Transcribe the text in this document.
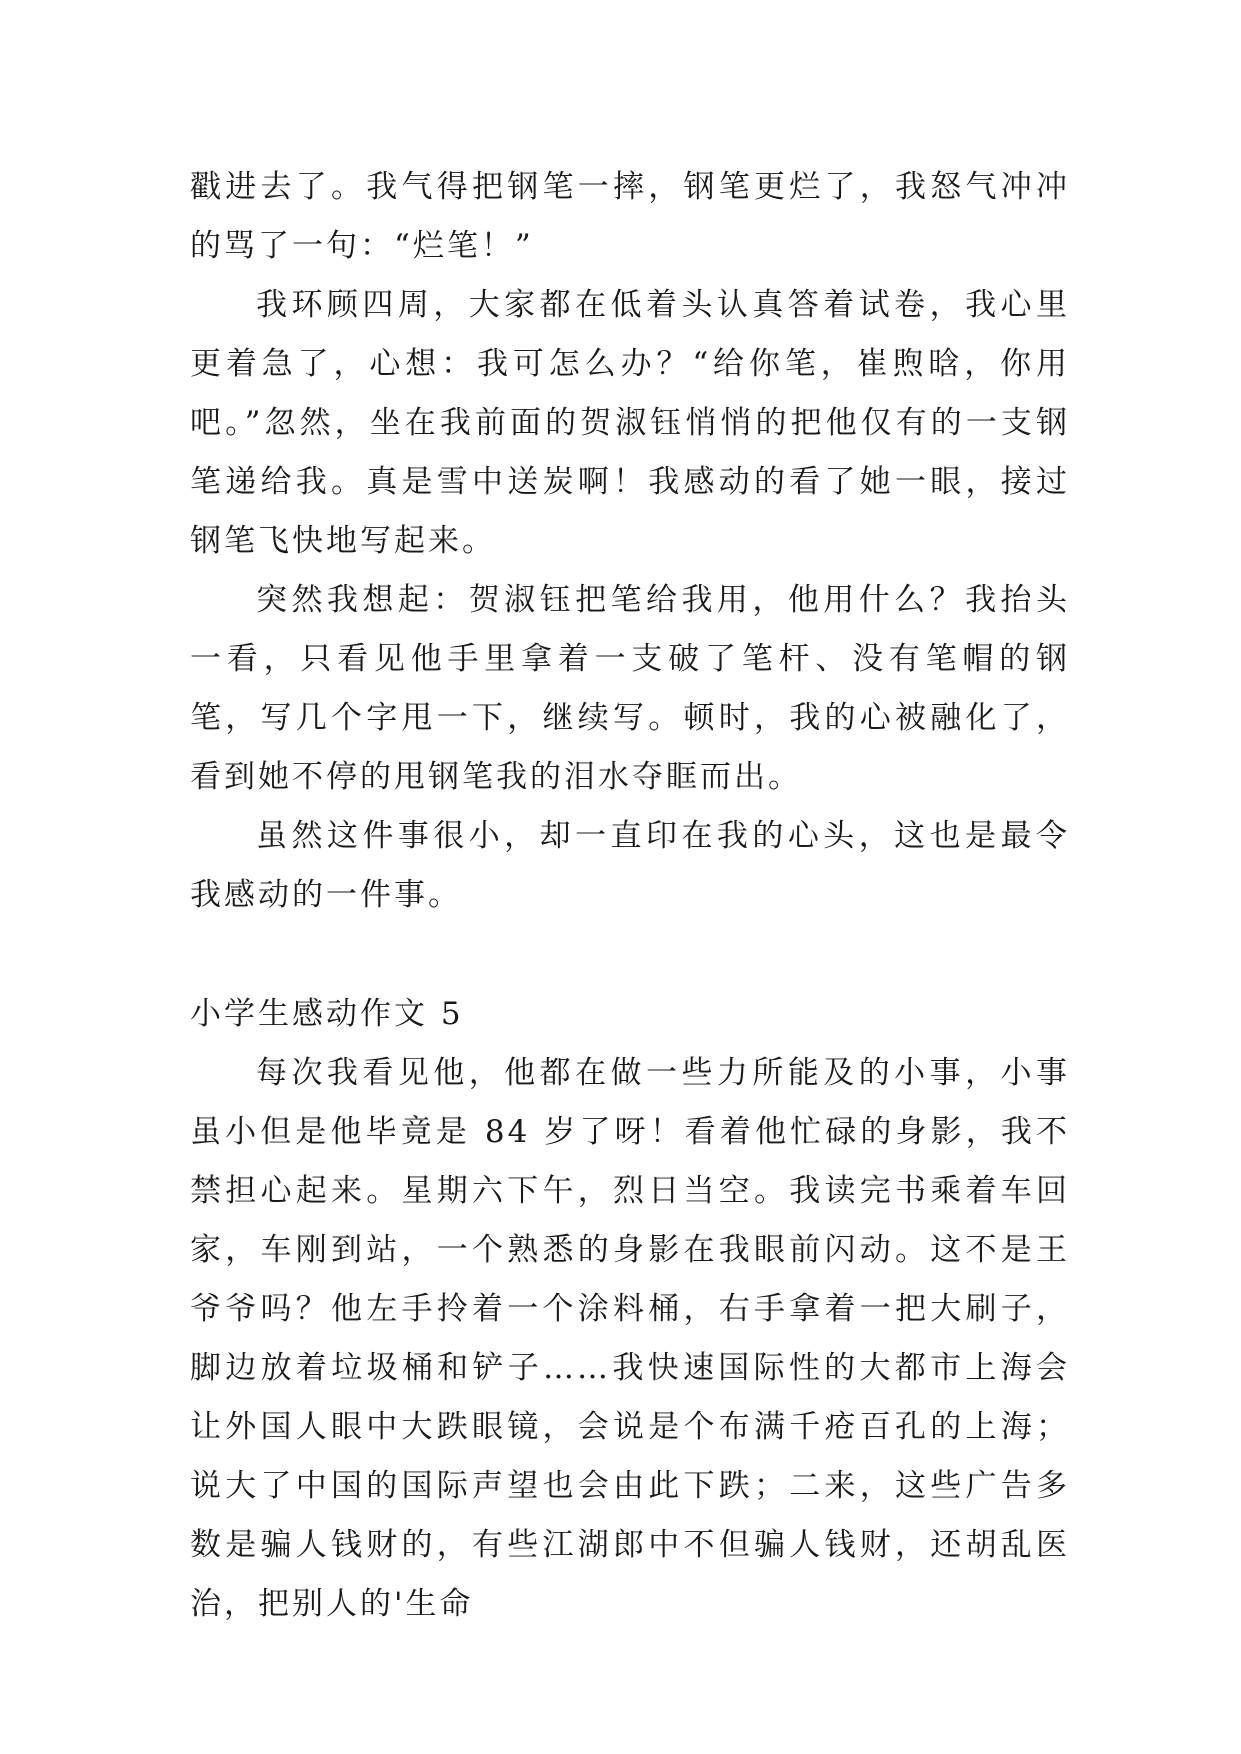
戳进去了。我气得把钢笔一摔，钢笔更烂了，我怒气冲冲的骂了一句：“烂笔！”

我环顾四周，大家都在低着头认真答着试卷，我心里更着急了，心想：我可怎么办？“给你笔，崔煦晗，你用吧。”忽然，坐在我前面的贺淑钰悄悄的把他仅有的一支钢笔递给我。真是雪中送炭啊！我感动的看了她一眼，接过钢笔飞快地写起来。

突然我想起：贺淑钰把笔给我用，他用什么？我抬头一看，只看见他手里拿着一支破了笔杆、没有笔帽的钢笔，写几个字甩一下，继续写。顿时，我的心被融化了，看到她不停的甩钢笔我的泪水夺眶而出。

虽然这件事很小，却一直印在我的心头，这也是最令我感动的一件事。

小学生感动作文 5

每次我看见他，他都在做一些力所能及的小事，小事虽小但是他毕竟是 84 岁了呀！看着他忙碌的身影，我不禁担心起来。星期六下午，烈日当空。我读完书乘着车回家，车刚到站，一个熟悉的身影在我眼前闪动。这不是王爷爷吗？他左手拎着一个涂料桶，右手拿着一把大刷子，脚边放着垃圾桶和铲子……我快速国际性的大都市上海会让外国人眼中大跌眼镜，会说是个布满千疮百孔的上海；说大了中国的国际声望也会由此下跌；二来，这些广告多数是骗人钱财的，有些江湖郎中不但骗人钱财，还胡乱医治，把别人的'生命
